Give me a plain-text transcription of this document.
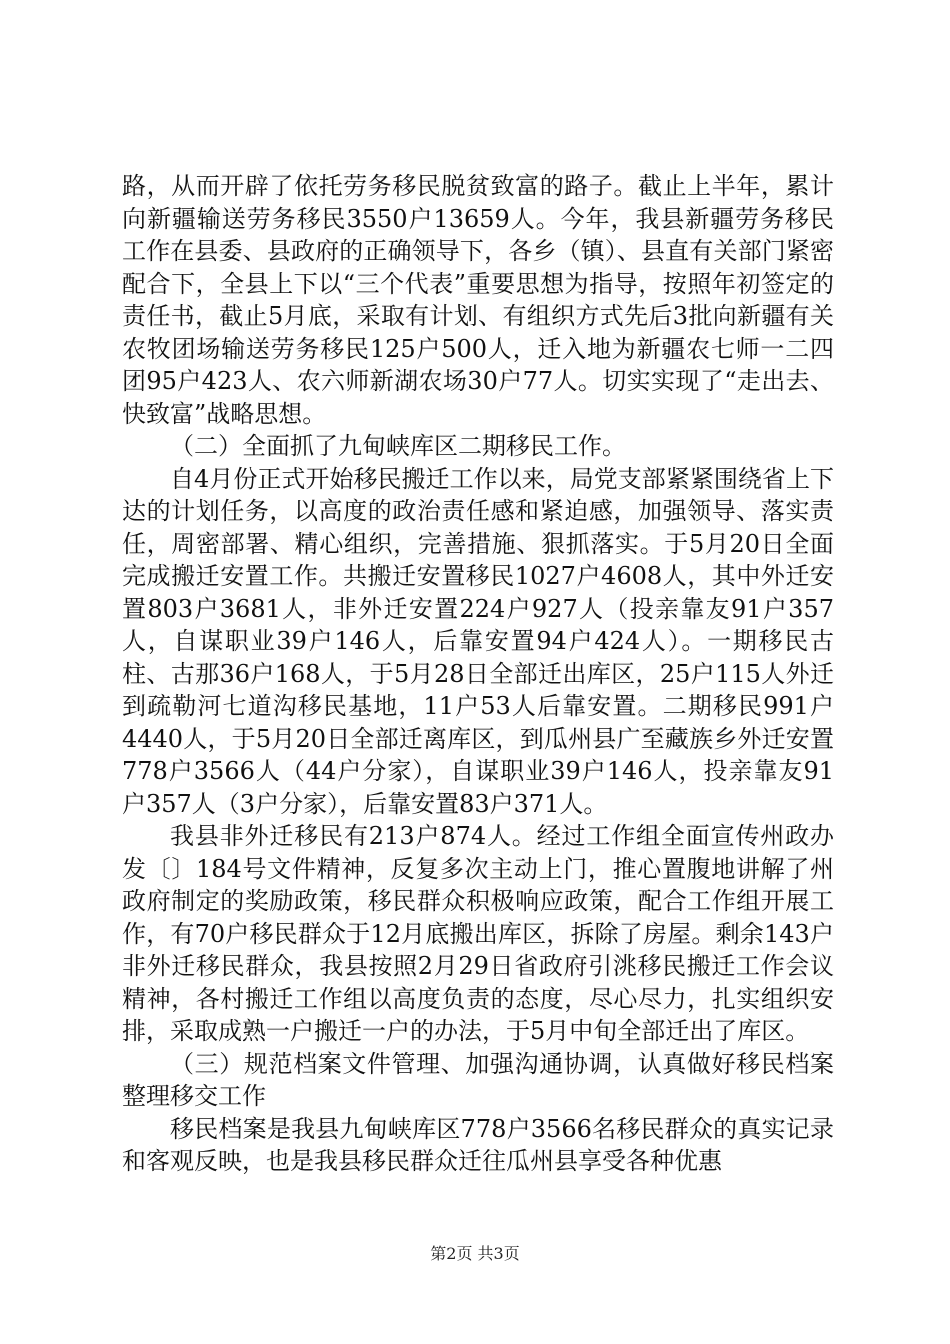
路，从而开辟了依托劳务移民脱贫致富的路子。截止上半年，累计向新疆输送劳务移民3550户13659人。今年，我县新疆劳务移民工作在县委、县政府的正确领导下，各乡（镇）、县直有关部门紧密配合下，全县上下以“三个代表”重要思想为指导，按照年初签定的责任书，截止5月底，采取有计划、有组织方式先后3批向新疆有关农牧团场输送劳务移民125户500人，迁入地为新疆农七师一二四团95户423人、农六师新湖农场30户77人。切实实现了“走出去、快致富”战略思想。

（二）全面抓了九甸峡库区二期移民工作。

自4月份正式开始移民搬迁工作以来，局党支部紧紧围绕省上下达的计划任务，以高度的政治责任感和紧迫感，加强领导、落实责任，周密部署、精心组织，完善措施、狠抓落实。于5月20日全面完成搬迁安置工作。共搬迁安置移民1027户4608人，其中外迁安置803户3681人，非外迁安置224户927人（投亲靠友91户357人，自谋职业39户146人，后靠安置94户424人）。一期移民古柱、古那36户168人，于5月28日全部迁出库区，25户115人外迁到疏勒河七道沟移民基地，11户53人后靠安置。二期移民991户4440人，于5月20日全部迁离库区，到瓜州县广至藏族乡外迁安置778户3566人（44户分家），自谋职业39户146人，投亲靠友91户357人（3户分家），后靠安置83户371人。

我县非外迁移民有213户874人。经过工作组全面宣传州政办发〔〕184号文件精神，反复多次主动上门，推心置腹地讲解了州政府制定的奖励政策，移民群众积极响应政策，配合工作组开展工作，有70户移民群众于12月底搬出库区，拆除了房屋。剩余143户非外迁移民群众，我县按照2月29日省政府引洮移民搬迁工作会议精神，各村搬迁工作组以高度负责的态度，尽心尽力，扎实组织安排，采取成熟一户搬迁一户的办法，于5月中旬全部迁出了库区。

（三）规范档案文件管理、加强沟通协调，认真做好移民档案整理移交工作

移民档案是我县九甸峡库区778户3566名移民群众的真实记录和客观反映，也是我县移民群众迁往瓜州县享受各种优惠

第2页 共3页
